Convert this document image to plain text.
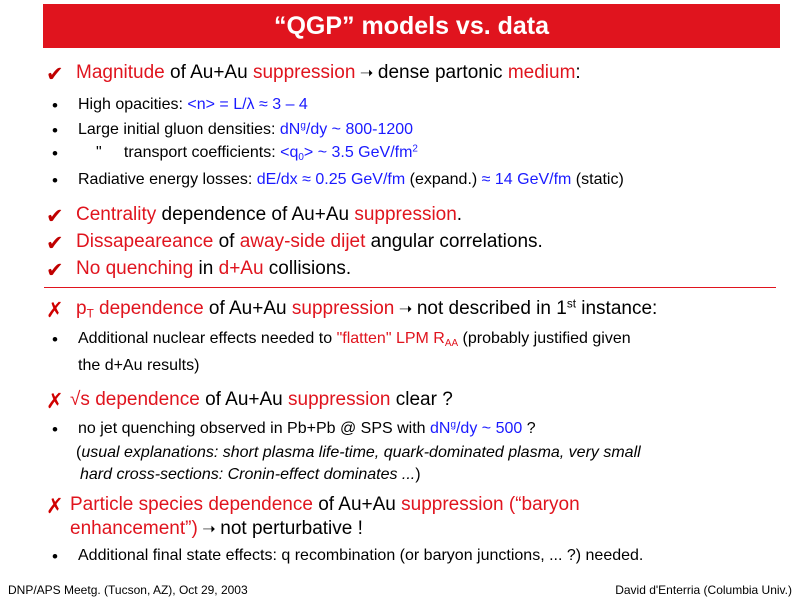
“QGP” models vs. data
✔ Magnitude of Au+Au suppression ➝ dense partonic medium:
• High opacities: <n> = L/λ ≈ 3 – 4
• Large initial gluon densities: $dN^g/dy$ ~ 800-1200
• "     transport coefficients: $<q_0>$ ~ 3.5 GeV/$fm^2$
• Radiative energy losses: dE/dx ≈ 0.25 GeV/fm (expand.) ≈ 14 GeV/fm (static)
✔ Centrality dependence of Au+Au suppression.
✔ Dissapeareance of away-side dijet angular correlations.
✔ No quenching in d+Au collisions.
✗ $p_T$ dependence of Au+Au suppression ➝ not described in 1st instance:
• Additional nuclear effects needed to "flatten" LPM $R_{AA}$ (probably justified given
the d+Au results)
✗ √s dependence of Au+Au suppression clear ?
• no jet quenching observed in Pb+Pb @ SPS with $dN^g/dy$ ~ 500 ?
(usual explanations: short plasma life-time, quark-dominated plasma, very small
hard cross-sections: Cronin-effect dominates ...)
✗ Particle species dependence of Au+Au suppression (“baryon
enhancement”) ➝ not perturbative !
• Additional final state effects: q recombination (or baryon junctions, ... ?) needed.
DNP/APS Meetg. (Tucson, AZ), Oct 29, 2003	David d'Enterria (Columbia Univ.)
